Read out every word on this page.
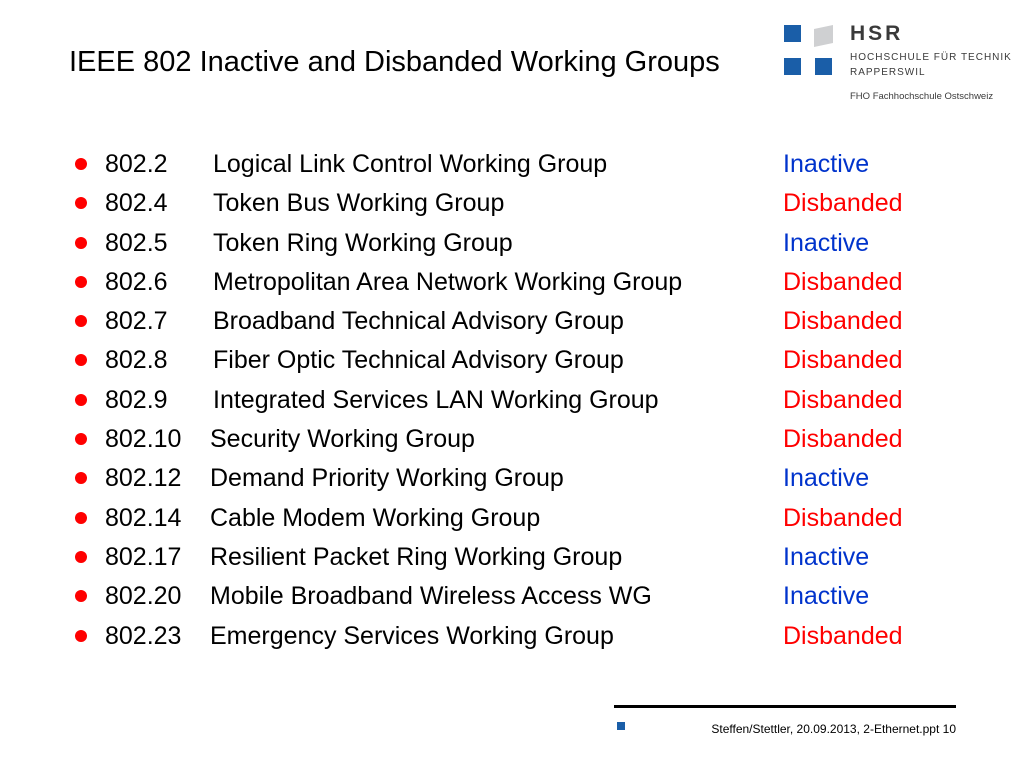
IEEE 802 Inactive and Disbanded Working Groups
HSR
HOCHSCHULE FÜR TECHNIK
RAPPERSWIL
FHO Fachhochschule Ostschweiz
802.2 Logical Link Control Working Group	Inactive
802.4 Token Bus Working Group	Disbanded
802.5 Token Ring Working Group	Inactive
802.6 Metropolitan Area Network Working Group	Disbanded
802.7 Broadband Technical Advisory Group	Disbanded
802.8 Fiber Optic Technical Advisory Group	Disbanded
802.9 Integrated Services LAN Working Group	Disbanded
802.10 Security Working Group	Disbanded
802.12 Demand Priority Working Group	Inactive
802.14 Cable Modem Working Group	Disbanded
802.17 Resilient Packet Ring Working Group	Inactive
802.20 Mobile Broadband Wireless Access WG	Inactive
802.23 Emergency Services Working Group	Disbanded
Steffen/Stettler, 20.09.2013, 2-Ethernet.ppt 10
